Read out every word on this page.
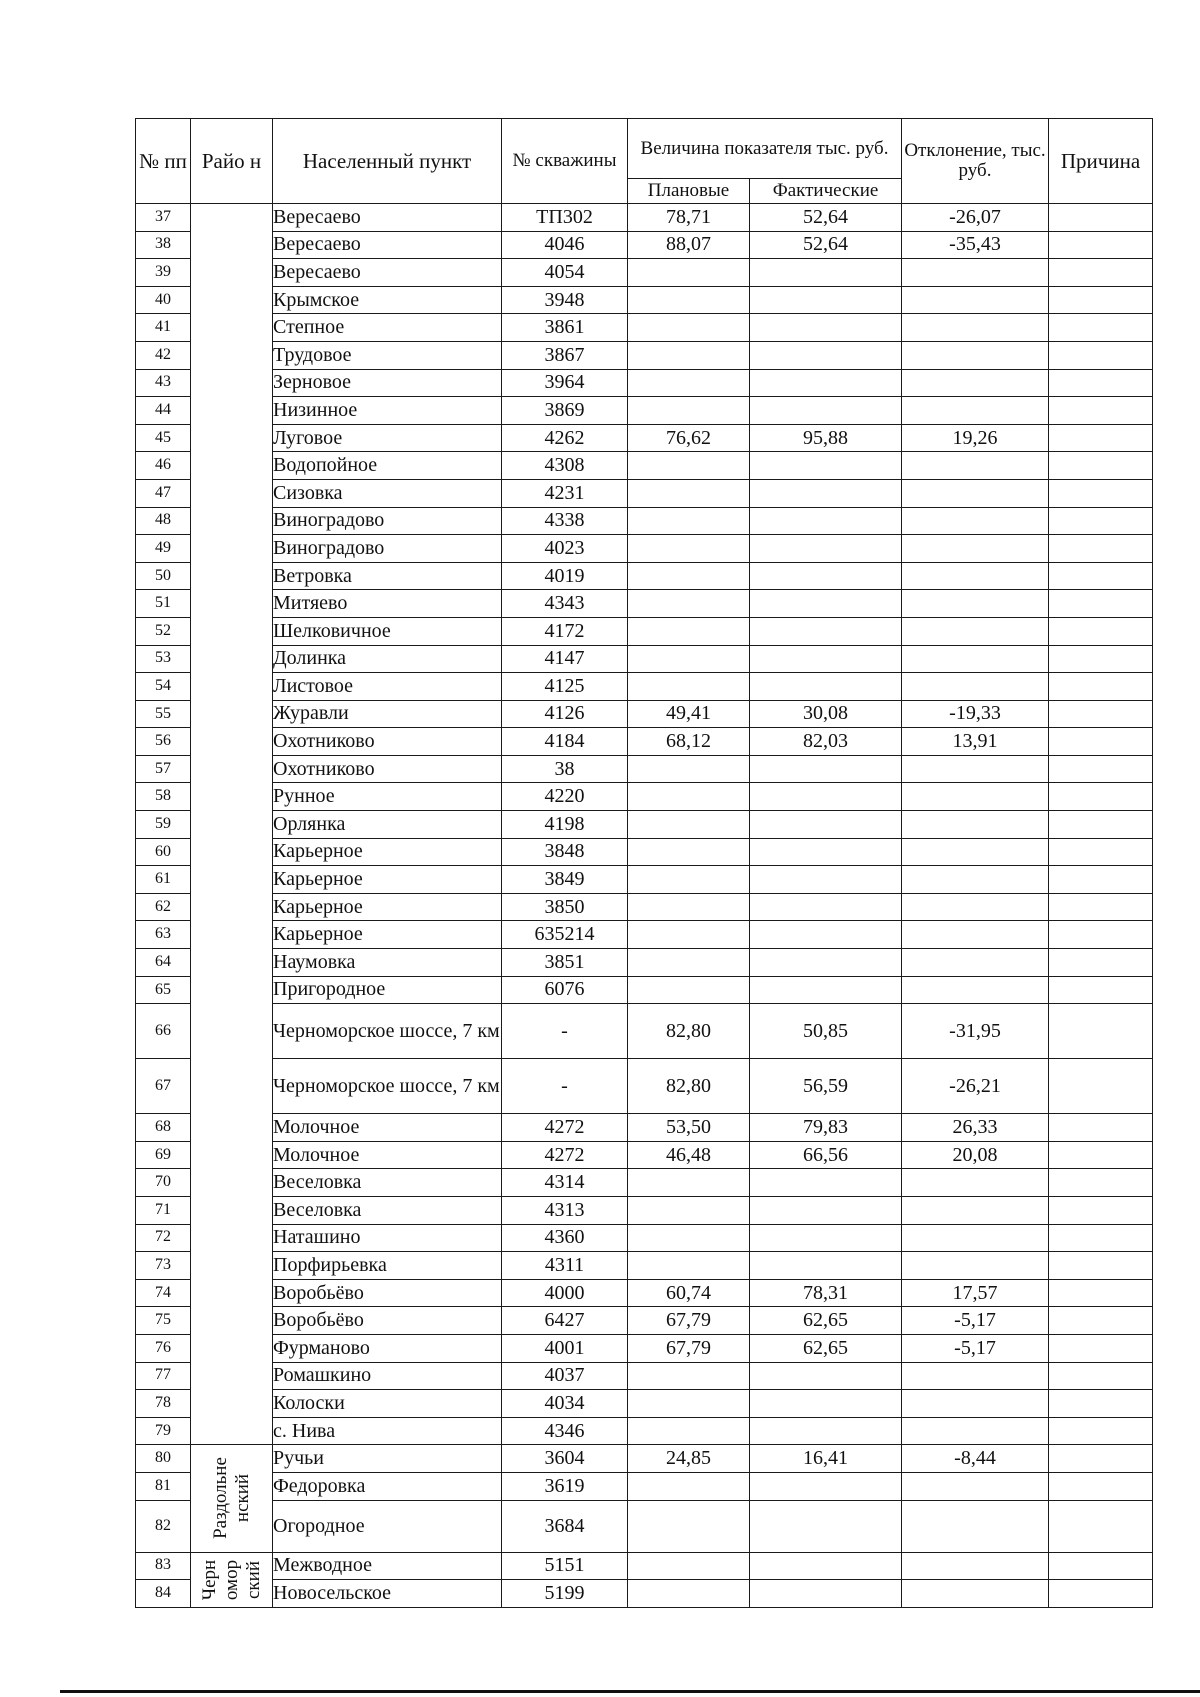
№ пп	Райо н	Населенный пункт	№ скважины	Величина показателя тыс. руб.		Отклонение, тыс. руб.	Причина
				Плановые	Фактические		
37		Вересаево	ТП302	78,71	52,64	-26,07	
38		Вересаево	4046	88,07	52,64	-35,43	
39		Вересаево	4054				
40		Крымское	3948				
41		Степное	3861				
42		Трудовое	3867				
43		Зерновое	3964				
44		Низинное	3869				
45		Луговое	4262	76,62	95,88	19,26	
46		Водопойное	4308				
47		Сизовка	4231				
48		Виноградово	4338				
49		Виноградово	4023				
50		Ветровка	4019				
51		Митяево	4343				
52		Шелковичное	4172				
53		Долинка	4147				
54		Листовое	4125				
55		Журавли	4126	49,41	30,08	-19,33	
56		Охотниково	4184	68,12	82,03	13,91	
57		Охотниково	38				
58		Рунное	4220				
59		Орлянка	4198				
60		Карьерное	3848				
61		Карьерное	3849				
62		Карьерное	3850				
63		Карьерное	635214				
64		Наумовка	3851				
65		Пригородное	6076				
66		Черноморское шоссе, 7 км	-	82,80	50,85	-31,95	
67		Черноморское шоссе, 7 км	-	82,80	56,59	-26,21	
68		Молочное	4272	53,50	79,83	26,33	
69		Молочное	4272	46,48	66,56	20,08	
70		Веселовка	4314				
71		Веселовка	4313				
72		Наташино	4360				
73		Порфирьевка	4311				
74		Воробьёво	4000	60,74	78,31	17,57	
75		Воробьёво	6427	67,79	62,65	-5,17	
76		Фурманово	4001	67,79	62,65	-5,17	
77		Ромашкино	4037				
78		Колоски	4034				
79		с. Нива	4346				
80	Раздольне нский	Ручьи	3604	24,85	16,41	-8,44	
81		Федоровка	3619				
82		Огородное	3684				
83	Черн омор ский	Межводное	5151				
84		Новосельское	5199				
